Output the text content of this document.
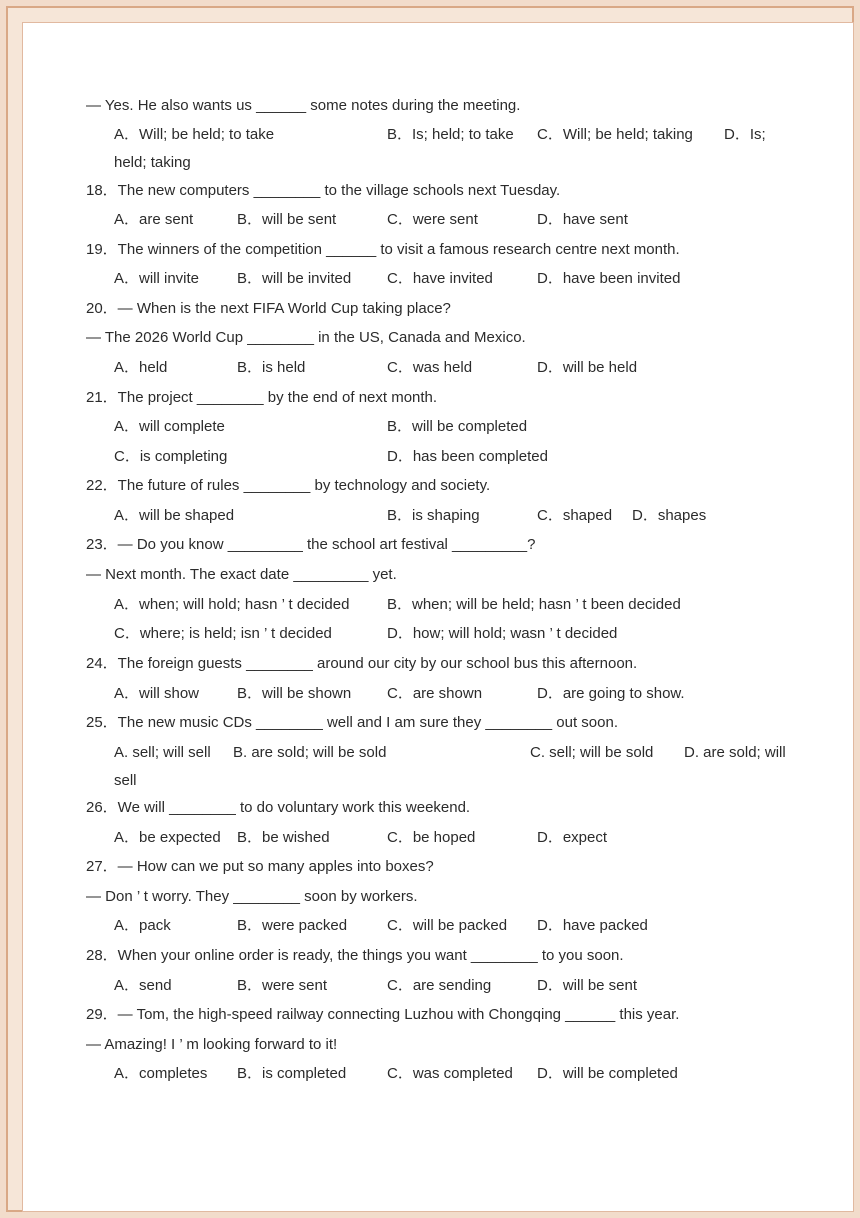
— Yes. He also wants us ______ some notes during the meeting.
A．Will; be held; to take	B．Is; held; to take C．Will; be held; taking D．Is;
held; taking
18．The new computers ________ to the village schools next Tuesday.
A．are sent	B．will be sent	C．were sent	D．have sent
19．The winners of the competition ______ to visit a famous research centre next month.
A．will invite	B．will be invited C．have invited	D．have been invited
20．— When is the next FIFA World Cup taking place?
— The 2026 World Cup ________ in the US, Canada and Mexico.
A．held	B．is held	C．was held	D．will be held
21．The project ________ by the end of next month.
A．will complete	B．will be completed
C．is completing	D．has been completed
22．The future of rules ________ by technology and society.
A．will be shaped	B．is shaping	C．shaped D．shapes
23．— Do you know _________ the school art festival _________?
— Next month. The exact date _________ yet.
A．when; will hold; hasn ’ t decided	B．when; will be held; hasn ’ t been decided
C．where; is held; isn ’ t decided	D．how; will hold; wasn ’ t decided
24．The foreign guests ________ around our city by our school bus this afternoon.
A．will show	B．will be shown C．are shown	D．are going to show.
25．The new music CDs ________ well and I am sure they ________ out soon.
A. sell; will sell B. are sold; will be sold	C. sell; will be sold D. are sold; will
sell
26．We will ________ to do voluntary work this weekend.
A．be expected B．be wished	C．be hoped	D．expect
27．— How can we put so many apples into boxes?
— Don ’ t worry. They ________ soon by workers.
A．pack	B．were packed	C．will be packed D．have packed
28．When your online order is ready, the things you want ________ to you soon.
A．send	B．were sent	C．are sending	D．will be sent
29．— Tom, the high-speed railway connecting Luzhou with Chongqing ______ this year.
— Amazing! I ’ m looking forward to it!
A．completes B．is completed	C．was completed D．will be completed
